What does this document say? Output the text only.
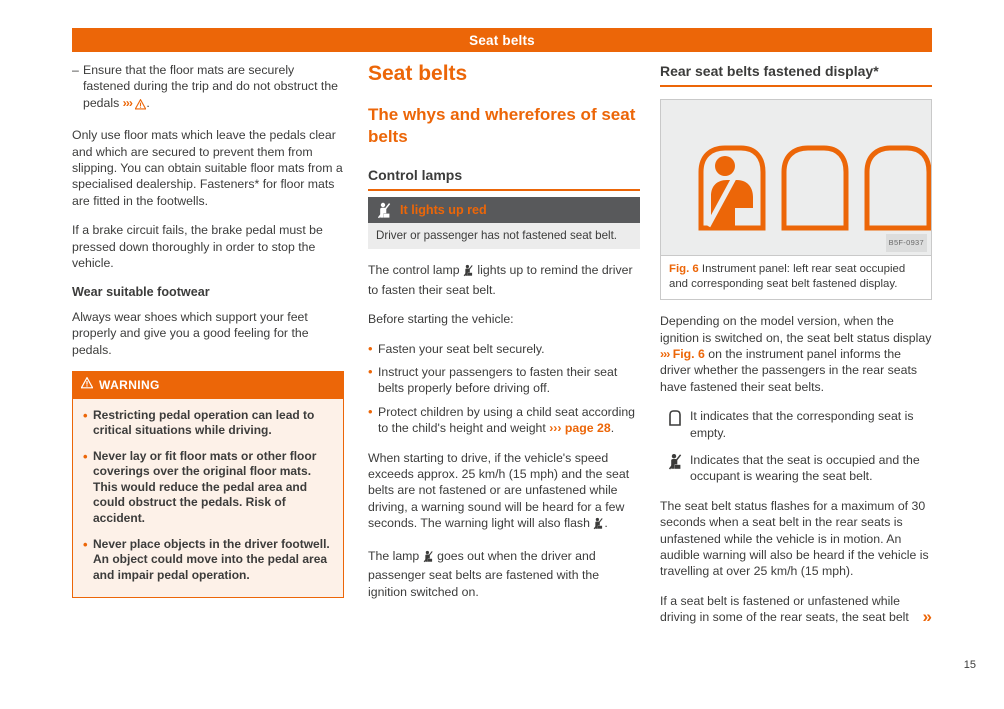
Seat belts
– Ensure that the floor mats are securely fastened during the trip and do not obstruct the pedals ››› .

Only use floor mats which leave the pedals clear and which are secured to prevent them from slipping. You can obtain suitable floor mats from a specialised dealership. Fasteners* for floor mats are fitted in the footwells.

If a brake circuit fails, the brake pedal must be pressed down thoroughly in order to stop the vehicle.

Wear suitable footwear

Always wear shoes which support your feet properly and give you a good feeling for the pedals.

WARNING
• Restricting pedal operation can lead to critical situations while driving.
• Never lay or fit floor mats or other floor coverings over the original floor mats. This would reduce the pedal area and could obstruct the pedals. Risk of accident.
• Never place objects in the driver footwell. An object could move into the pedal area and impair pedal operation.
Seat belts
The whys and wherefores of seat belts
Control lamps
It lights up red
Driver or passenger has not fastened seat belt.

The control lamp  lights up to remind the driver to fasten their seat belt.

Before starting the vehicle:

• Fasten your seat belt securely.
• Instruct your passengers to fasten their seat belts properly before driving off.
• Protect children by using a child seat according to the child's height and weight ››› page 28.

When starting to drive, if the vehicle's speed exceeds approx. 25 km/h (15 mph) and the seat belts are not fastened or are unfastened while driving, a warning sound will be heard for a few seconds. The warning light will also flash .

The lamp  goes out when the driver and passenger seat belts are fastened with the ignition switched on.

Rear seat belts fastened display*
B5F-0937
Fig. 6 Instrument panel: left rear seat occupied and corresponding seat belt fastened display.

Depending on the model version, when the ignition is switched on, the seat belt status display ››› Fig. 6 on the instrument panel informs the driver whether the passengers in the rear seats have fastened their seat belts.

It indicates that the corresponding seat is empty.
Indicates that the seat is occupied and the occupant is wearing the seat belt.

The seat belt status flashes for a maximum of 30 seconds when a seat belt in the rear seats is unfastened while the vehicle is in motion. An audible warning will also be heard if the vehicle is travelling at over 25 km/h (15 mph).

If a seat belt is fastened or unfastened while driving in some of the rear seats, the seat belt »
15
